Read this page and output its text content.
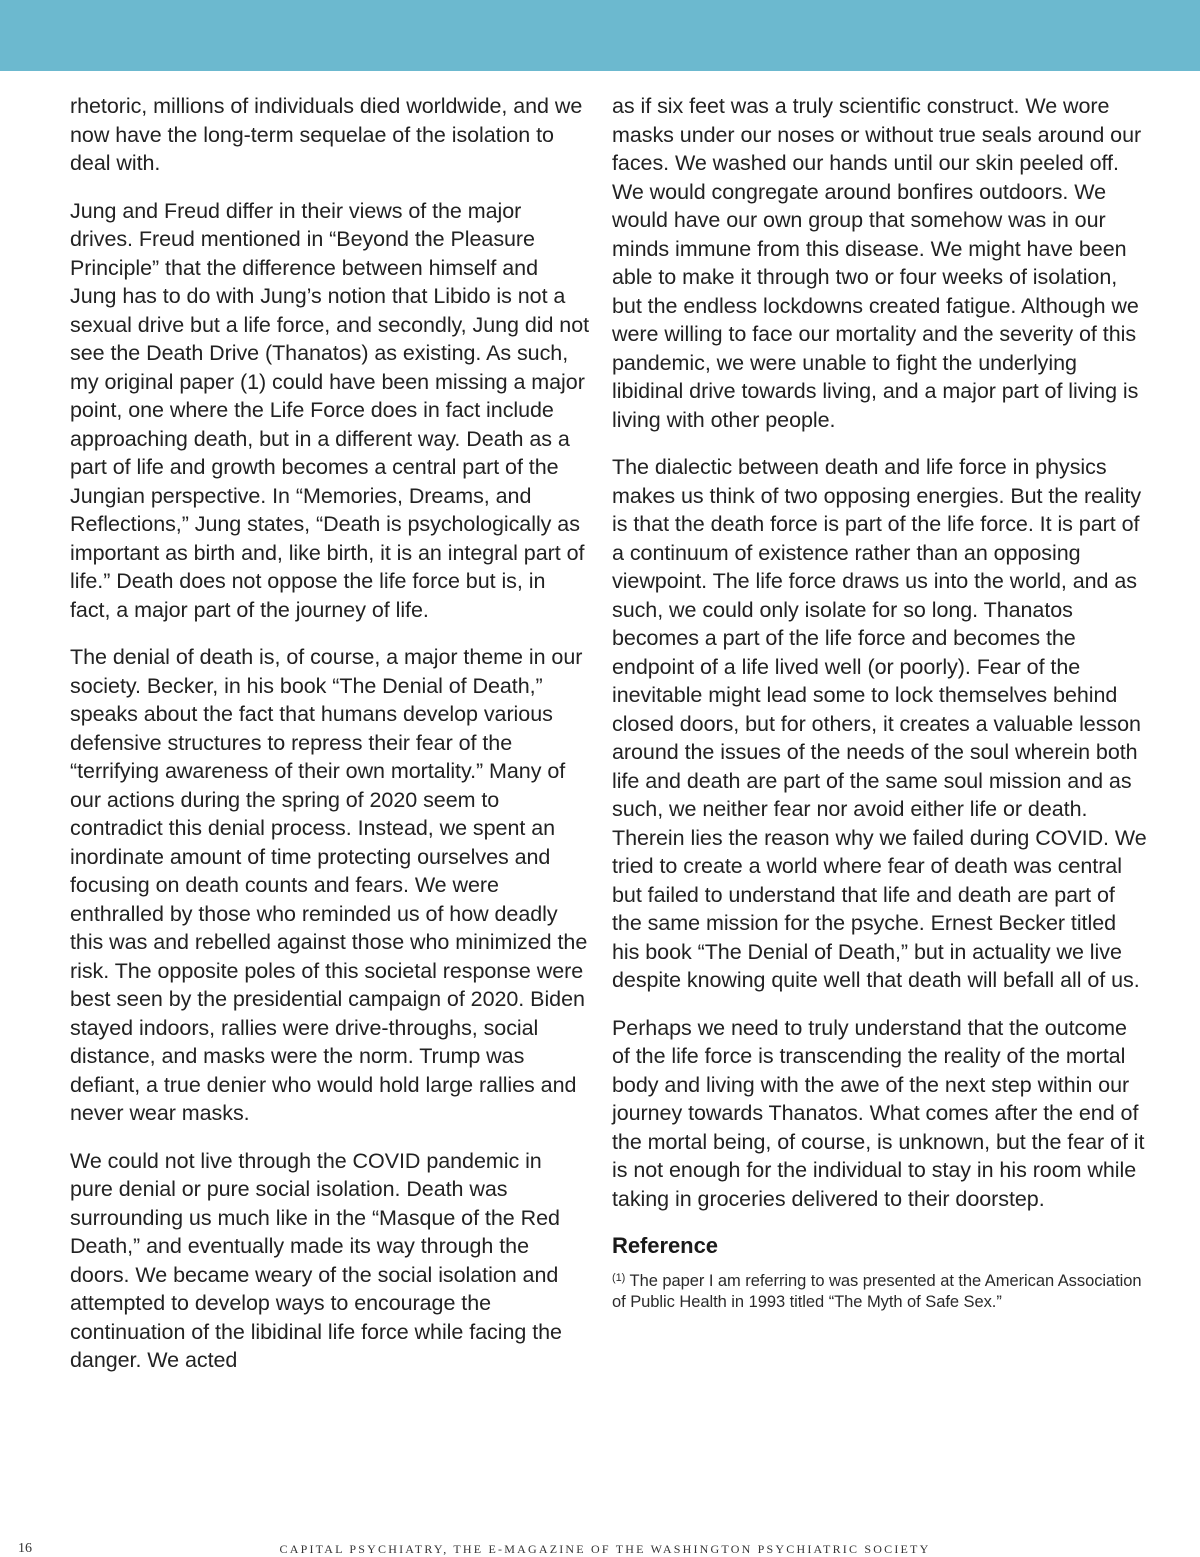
rhetoric, millions of individuals died worldwide, and we now have the long-term sequelae of the isolation to deal with.

Jung and Freud differ in their views of the major drives. Freud mentioned in “Beyond the Pleasure Principle” that the difference between himself and Jung has to do with Jung’s notion that Libido is not a sexual drive but a life force, and secondly, Jung did not see the Death Drive (Thanatos) as existing. As such, my original paper (1) could have been missing a major point, one where the Life Force does in fact include approaching death, but in a different way. Death as a part of life and growth becomes a central part of the Jungian perspective. In “Memories, Dreams, and Reflections,” Jung states, “Death is psychologically as important as birth and, like birth, it is an integral part of life.” Death does not oppose the life force but is, in fact, a major part of the journey of life.

The denial of death is, of course, a major theme in our society. Becker, in his book “The Denial of Death,” speaks about the fact that humans develop various defensive structures to repress their fear of the “terrifying awareness of their own mortality.” Many of our actions during the spring of 2020 seem to contradict this denial process. Instead, we spent an inordinate amount of time protecting ourselves and focusing on death counts and fears. We were enthralled by those who reminded us of how deadly this was and rebelled against those who minimized the risk. The opposite poles of this societal response were best seen by the presidential campaign of 2020. Biden stayed indoors, rallies were drive-throughs, social distance, and masks were the norm. Trump was defiant, a true denier who would hold large rallies and never wear masks.

We could not live through the COVID pandemic in pure denial or pure social isolation. Death was surrounding us much like in the “Masque of the Red Death,” and eventually made its way through the doors. We became weary of the social isolation and attempted to develop ways to encourage the continuation of the libidinal life force while facing the danger. We acted

as if six feet was a truly scientific construct. We wore masks under our noses or without true seals around our faces. We washed our hands until our skin peeled off. We would congregate around bonfires outdoors. We would have our own group that somehow was in our minds immune from this disease. We might have been able to make it through two or four weeks of isolation, but the endless lockdowns created fatigue. Although we were willing to face our mortality and the severity of this pandemic, we were unable to fight the underlying libidinal drive towards living, and a major part of living is living with other people.

The dialectic between death and life force in physics makes us think of two opposing energies. But the reality is that the death force is part of the life force. It is part of a continuum of existence rather than an opposing viewpoint. The life force draws us into the world, and as such, we could only isolate for so long. Thanatos becomes a part of the life force and becomes the endpoint of a life lived well (or poorly). Fear of the inevitable might lead some to lock themselves behind closed doors, but for others, it creates a valuable lesson around the issues of the needs of the soul wherein both life and death are part of the same soul mission and as such, we neither fear nor avoid either life or death. Therein lies the reason why we failed during COVID. We tried to create a world where fear of death was central but failed to understand that life and death are part of the same mission for the psyche. Ernest Becker titled his book “The Denial of Death,” but in actuality we live despite knowing quite well that death will befall all of us.

Perhaps we need to truly understand that the outcome of the life force is transcending the reality of the mortal body and living with the awe of the next step within our journey towards Thanatos. What comes after the end of the mortal being, of course, is unknown, but the fear of it is not enough for the individual to stay in his room while taking in groceries delivered to their doorstep.

Reference

$^{(1)}$ The paper I am referring to was presented at the American Association of Public Health in 1993 titled “The Myth of Safe Sex.”

16	CAPITAL PSYCHIATRY, THE E-MAGAZINE OF THE WASHINGTON PSYCHIATRIC SOCIETY
